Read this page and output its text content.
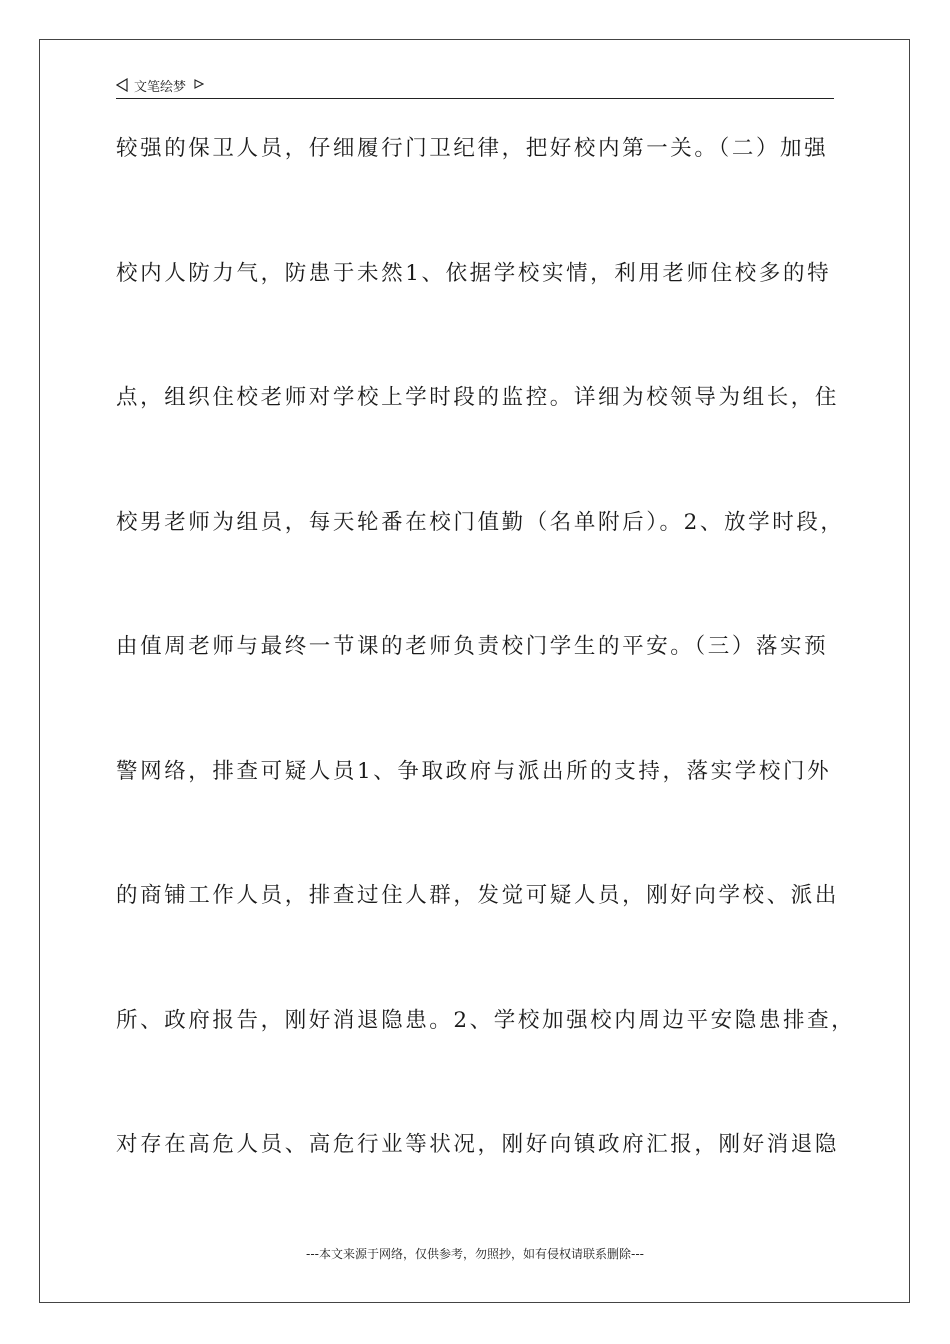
文笔绘梦
较强的保卫人员，仔细履行门卫纪律，把好校内第一关。（二）加强
校内人防力气，防患于未然1、依据学校实情，利用老师住校多的特
点，组织住校老师对学校上学时段的监控。详细为校领导为组长，住
校男老师为组员，每天轮番在校门值勤（名单附后）。2、放学时段，
由值周老师与最终一节课的老师负责校门学生的平安。（三）落实预
警网络，排查可疑人员1、争取政府与派出所的支持，落实学校门外
的商铺工作人员，排查过住人群，发觉可疑人员，刚好向学校、派出
所、政府报告，刚好消退隐患。2、学校加强校内周边平安隐患排查，
对存在高危人员、高危行业等状况，刚好向镇政府汇报，刚好消退隐
---本文来源于网络，仅供参考，勿照抄，如有侵权请联系删除---
